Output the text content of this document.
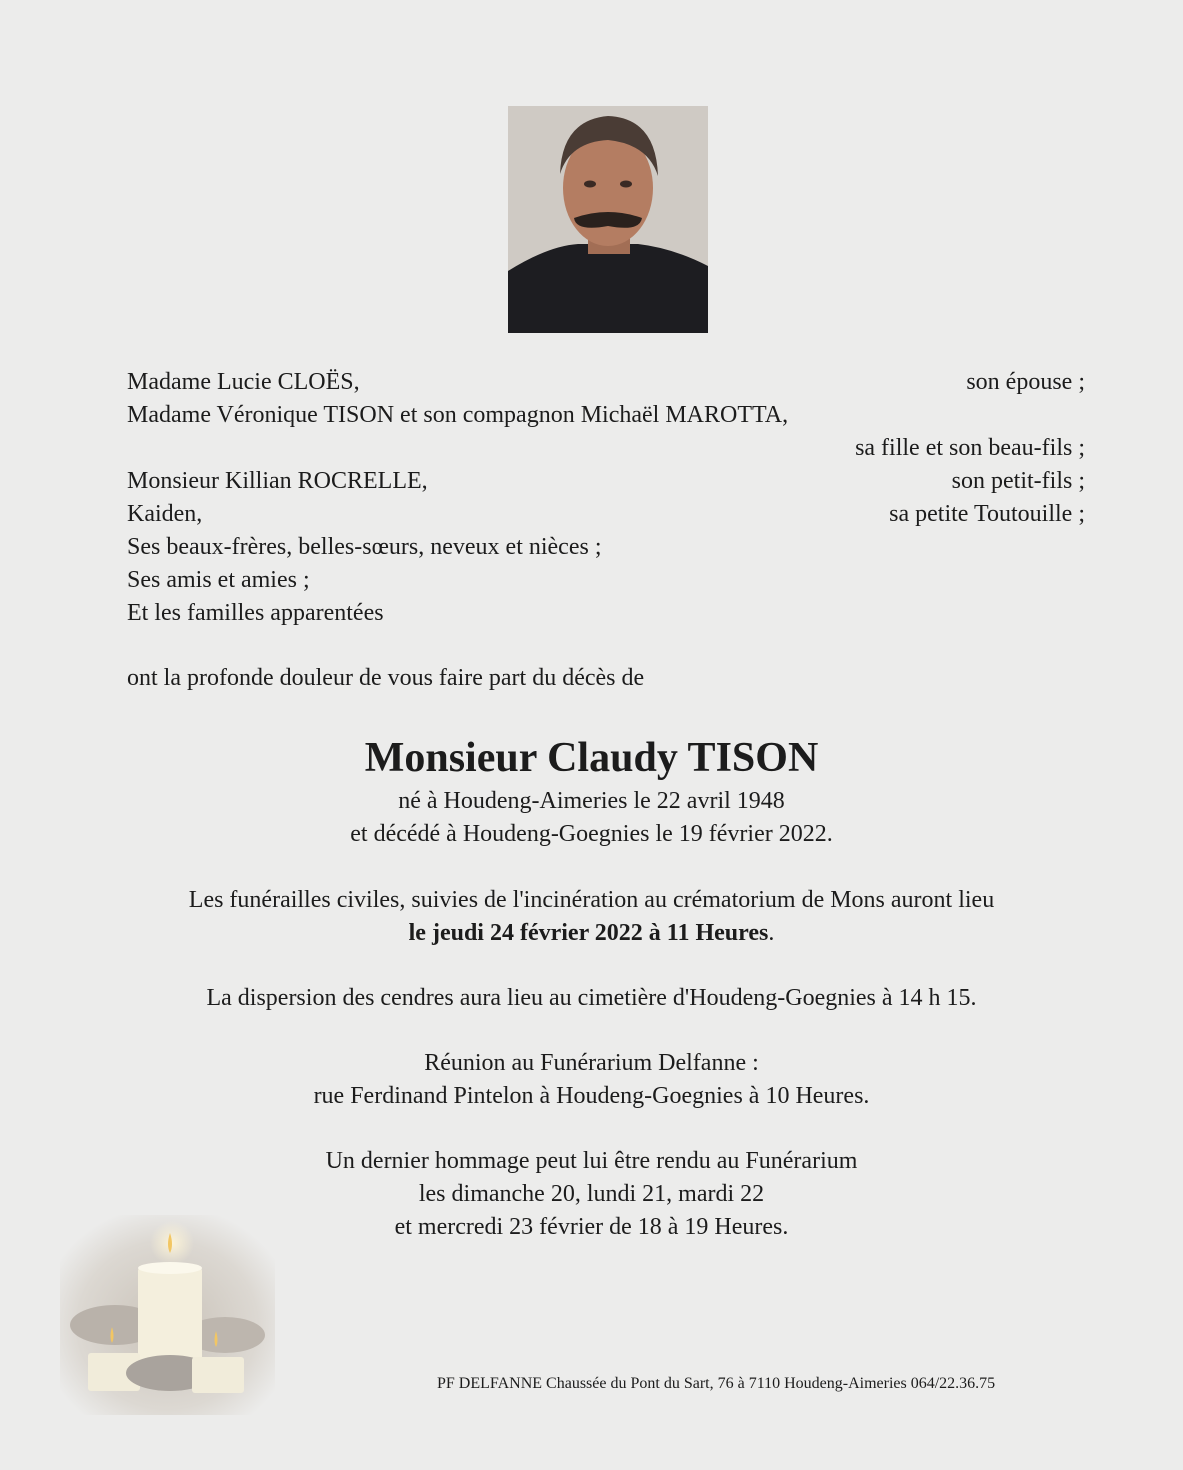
Madame Lucie CLOËS,	son épouse ;
Madame Véronique TISON et son compagnon Michaël MAROTTA,
sa fille et son beau-fils ;
Monsieur Killian ROCRELLE,	son petit-fils ;
Kaiden,	sa petite Toutouille ;
Ses beaux-frères, belles-sœurs, neveux et nièces ;
Ses amis et amies ;
Et les familles apparentées
ont la profonde douleur de vous faire part du décès de
Monsieur Claudy TISON
né à Houdeng-Aimeries le 22 avril 1948
et décédé à Houdeng-Goegnies le 19 février 2022.
Les funérailles civiles, suivies de l'incinération au crématorium de Mons auront lieu
le jeudi 24 février 2022 à 11 Heures.
La dispersion des cendres aura lieu au cimetière d'Houdeng-Goegnies à 14 h 15.
Réunion au Funérarium Delfanne :
rue Ferdinand Pintelon à Houdeng-Goegnies à 10 Heures.
Un dernier hommage peut lui être rendu au Funérarium
les dimanche 20, lundi 21, mardi 22
et mercredi 23 février de 18 à 19 Heures.
PF DELFANNE Chaussée du Pont du Sart, 76 à 7110 Houdeng-Aimeries 064/22.36.75
